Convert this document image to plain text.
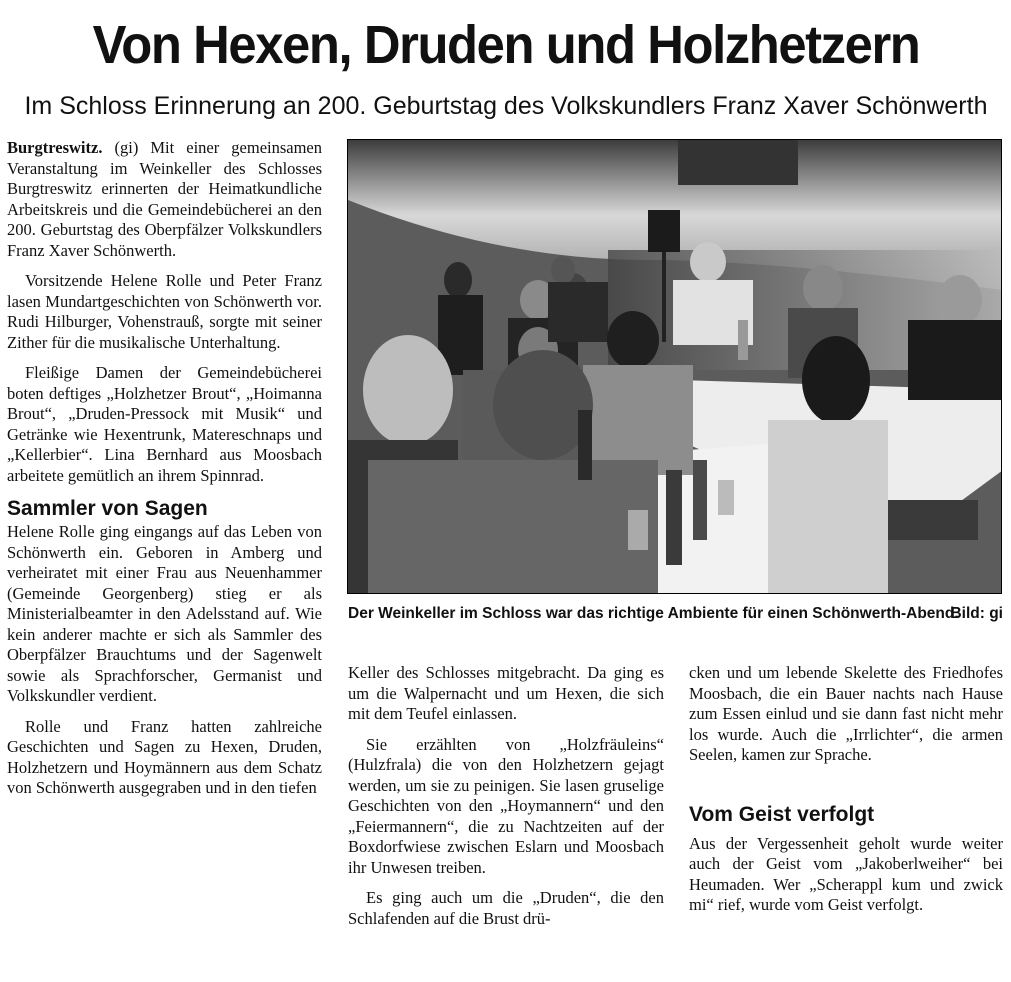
Von Hexen, Druden und Holzhetzern
Im Schloss Erinnerung an 200. Geburtstag des Volkskundlers Franz Xaver Schönwerth

Burgtreswitz. (gi) Mit einer gemeinsamen Veranstaltung im Weinkeller des Schlosses Burgtreswitz erinnerten der Heimatkundliche Arbeitskreis und die Gemeindebücherei an den 200. Geburtstag des Oberpfälzer Volkskundlers Franz Xaver Schönwerth.

Vorsitzende Helene Rolle und Peter Franz lasen Mundartgeschichten von Schönwerth vor. Rudi Hilburger, Vohenstrauß, sorgte mit seiner Zither für die musikalische Unterhaltung.

Fleißige Damen der Gemeindebücherei boten deftiges „Holzhetzer Brout“, „Hoimanna Brout“, „Druden-Pressock mit Musik“ und Getränke wie Hexentrunk, Matereschnaps und „Kellerbier“. Lina Bernhard aus Moosbach arbeitete gemütlich an ihrem Spinnrad.

Sammler von Sagen

Helene Rolle ging eingangs auf das Leben von Schönwerth ein. Geboren in Amberg und verheiratet mit einer Frau aus Neuenhammer (Gemeinde Georgenberg) stieg er als Ministerialbeamter in den Adelsstand auf. Wie kein anderer machte er sich als Sammler des Oberpfälzer Brauchtums und der Sagenwelt sowie als Sprachforscher, Germanist und Volkskundler verdient.

Rolle und Franz hatten zahlreiche Geschichten und Sagen zu Hexen, Druden, Holzhetzern und Hoymännern aus dem Schatz von Schönwerth ausgegraben und in den tiefen

Der Weinkeller im Schloss war das richtige Ambiente für einen Schönwerth-Abend.
Bild: gi

Keller des Schlosses mitgebracht. Da ging es um die Walpernacht und um Hexen, die sich mit dem Teufel einlassen.

Sie erzählten von „Holzfräuleins“ (Hulzfrala) die von den Holzhetzern gejagt werden, um sie zu peinigen. Sie lasen gruselige Geschichten von den „Hoymannern“ und den „Feiermannern“, die zu Nachtzeiten auf der Boxdorfwiese zwischen Eslarn und Moosbach ihr Unwesen treiben.

Es ging auch um die „Druden“, die den Schlafenden auf die Brust drü-

cken und um lebende Skelette des Friedhofes Moosbach, die ein Bauer nachts nach Hause zum Essen einlud und sie dann fast nicht mehr los wurde. Auch die „Irrlichter“, die armen Seelen, kamen zur Sprache.

Vom Geist verfolgt

Aus der Vergessenheit geholt wurde weiter auch der Geist vom „Jakoberlweiher“ bei Heumaden. Wer „Scherappl kum und zwick mi“ rief, wurde vom Geist verfolgt.
